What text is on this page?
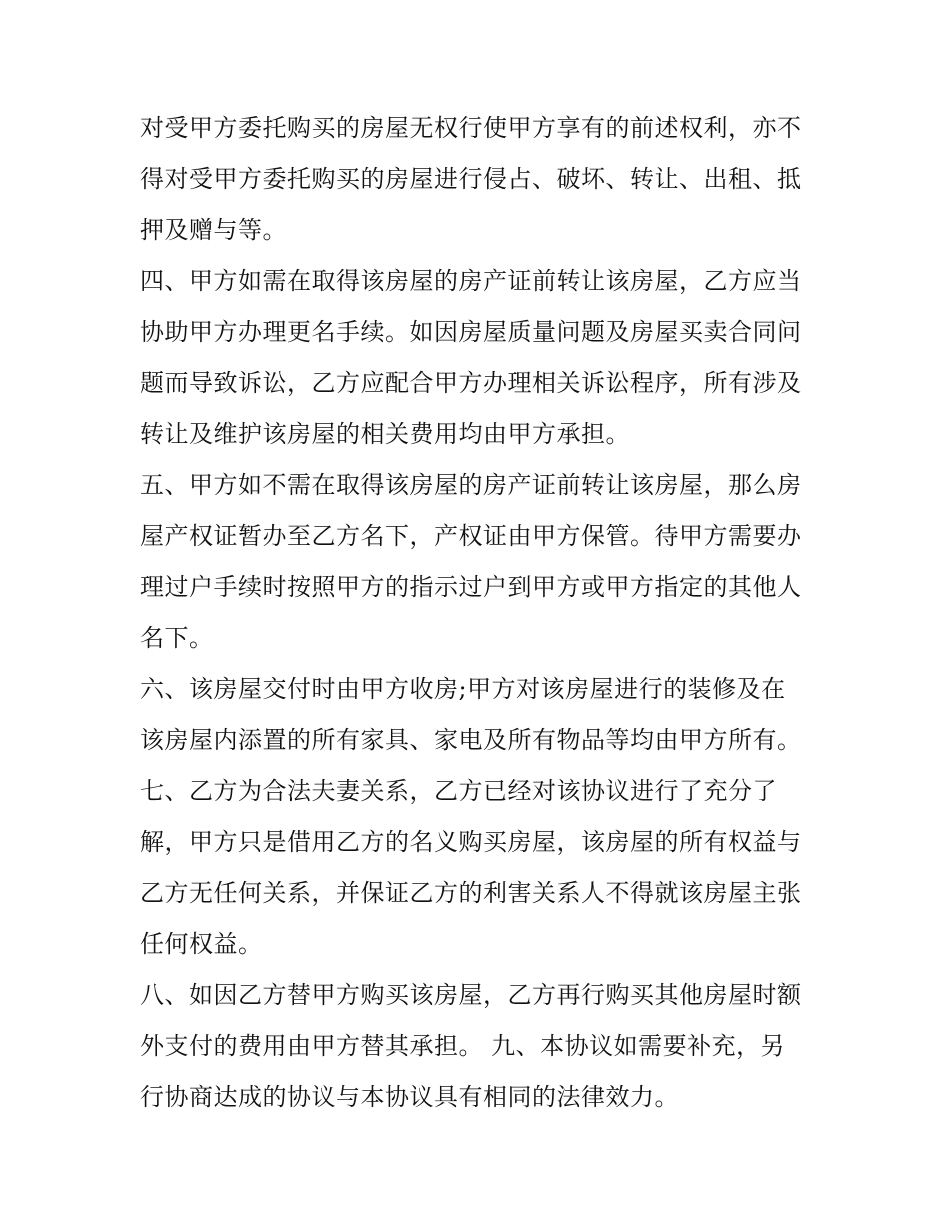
对受甲方委托购买的房屋无权行使甲方享有的前述权利，亦不
得对受甲方委托购买的房屋进行侵占、破坏、转让、出租、抵
押及赠与等。
四、甲方如需在取得该房屋的房产证前转让该房屋，乙方应当
协助甲方办理更名手续。如因房屋质量问题及房屋买卖合同问
题而导致诉讼，乙方应配合甲方办理相关诉讼程序，所有涉及
转让及维护该房屋的相关费用均由甲方承担。
五、甲方如不需在取得该房屋的房产证前转让该房屋，那么房
屋产权证暂办至乙方名下，产权证由甲方保管。待甲方需要办
理过户手续时按照甲方的指示过户到甲方或甲方指定的其他人
名下。
六、该房屋交付时由甲方收房;甲方对该房屋进行的装修及在
该房屋内添置的所有家具、家电及所有物品等均由甲方所有。
七、乙方为合法夫妻关系，乙方已经对该协议进行了充分了
解，甲方只是借用乙方的名义购买房屋，该房屋的所有权益与
乙方无任何关系，并保证乙方的利害关系人不得就该房屋主张
任何权益。
八、如因乙方替甲方购买该房屋，乙方再行购买其他房屋时额
外支付的费用由甲方替其承担。 九、本协议如需要补充，另
行协商达成的协议与本协议具有相同的法律效力。
